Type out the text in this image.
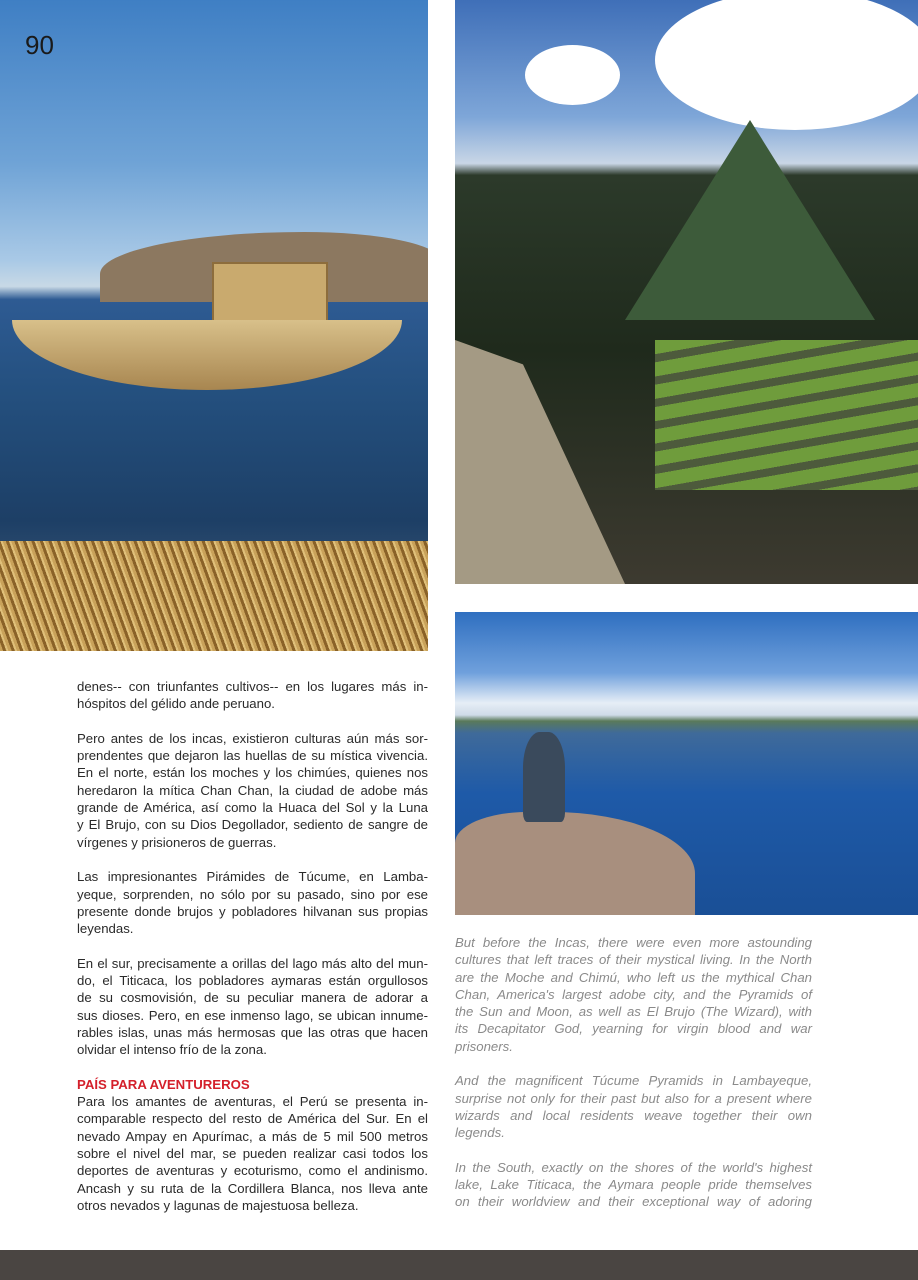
90
denes-- con triunfantes cultivos-- en los lugares más in-
hóspitos del gélido ande peruano.
Pero antes de los incas, existieron culturas aún más sor-
prendentes que dejaron las huellas de su mística vivencia.
En el norte, están los moches y los chimúes, quienes nos
heredaron la mítica Chan Chan, la ciudad de adobe más
grande de América, así como la Huaca del Sol y la Luna
y El Brujo, con su Dios Degollador, sediento de sangre de
vírgenes y prisioneros de guerras.
Las impresionantes Pirámides de Túcume, en Lamba-
yeque, sorprenden, no sólo por su pasado, sino por ese
presente donde brujos y pobladores hilvanan sus propias
leyendas.
En el sur, precisamente a orillas del lago más alto del mun-
do, el Titicaca, los pobladores aymaras están orgullosos
de su cosmovisión, de su peculiar manera de adorar a
sus dioses. Pero, en ese inmenso lago, se ubican innume-
rables islas, unas más hermosas que las otras que hacen
olvidar el intenso frío de la zona.
PAÍS PARA AVENTUREROS
Para los amantes de aventuras, el Perú se presenta in-
comparable respecto del resto de América del Sur. En el
nevado Ampay en Apurímac, a más de 5 mil 500 metros
sobre el nivel del mar, se pueden realizar casi todos los
deportes de aventuras y ecoturismo, como el andinismo.
Ancash y su ruta de la Cordillera Blanca, nos lleva ante
otros nevados y lagunas de majestuosa belleza.
But before the Incas, there were even more astounding
cultures that left traces of their mystical living. In the North
are the Moche and Chimú, who left us the mythical Chan
Chan, America's largest adobe city, and the Pyramids of
the Sun and Moon, as well as El Brujo (The Wizard), with
its Decapitator God, yearning for virgin blood and war
prisoners.
And the magnificent Túcume Pyramids in Lambayeque,
surprise not only for their past but also for a present where
wizards and local residents weave together their own
legends.
In the South, exactly on the shores of the world's highest
lake, Lake Titicaca, the Aymara people pride themselves
on their worldview and their exceptional way of adoring
